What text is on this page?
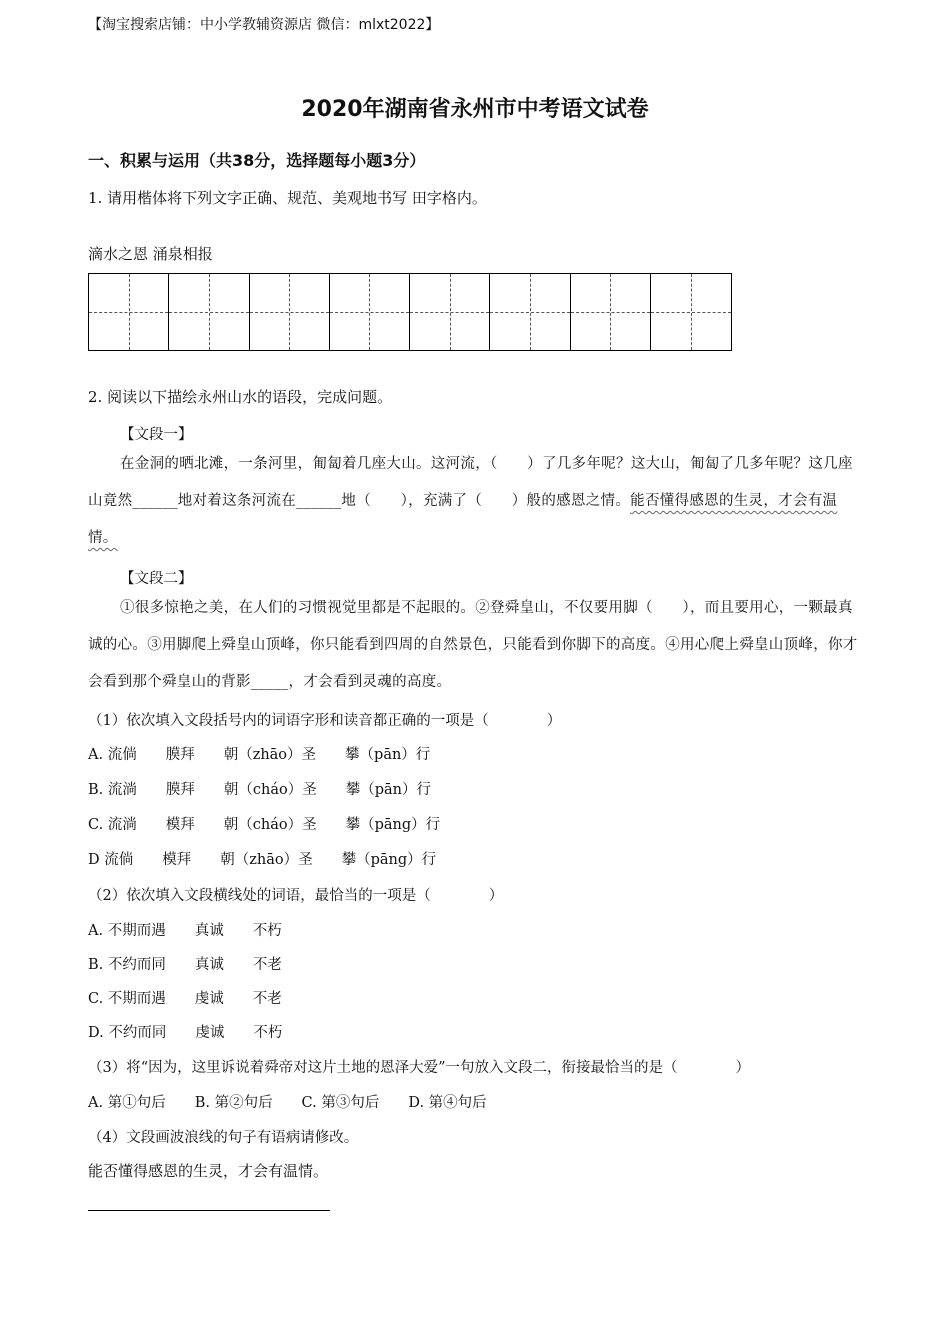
【淘宝搜索店铺：中小学教辅资源店 微信：mlxt2022】
2020年湖南省永州市中考语文试卷
一、积累与运用（共38分，选择题每小题3分）
1. 请用楷体将下列文字正确、规范、美观地书写 田字格内。
滴水之恩 涌泉相报
2. 阅读以下描绘永州山水的语段，完成问题。
【文段一】
在金洞的晒北滩，一条河里，匍匐着几座大山。这河流，（　　）了几多年呢？这大山，匍匐了几多年呢？这几座山竟然______地对着这条河流在______地（　　），充满了（　　）般的感恩之情。能否懂得感恩的生灵，才会有温情。
【文段二】
①很多惊艳之美，在人们的习惯视觉里都是不起眼的。②登舜皇山，不仅要用脚（　　），而且要用心，一颗最真诚的心。③用脚爬上舜皇山顶峰，你只能看到四周的自然景色，只能看到你脚下的高度。④用心爬上舜皇山顶峰，你才会看到那个舜皇山的背影_____，才会看到灵魂的高度。
（1）依次填入文段括号内的词语字形和读音都正确的一项是（　　　　）
A. 流倘　　膜拜　　朝（zhāo）圣　　攀（pān）行
B. 流淌　　膜拜　　朝（cháo）圣　　攀（pān）行
C. 流淌　　模拜　　朝（cháo）圣　　攀（pāng）行
D 流倘　　模拜　　朝（zhāo）圣　　攀（pāng）行
（2）依次填入文段横线处的词语，最恰当的一项是（　　　　）
A. 不期而遇　　真诚　　不朽
B. 不约而同　　真诚　　不老
C. 不期而遇　　虔诚　　不老
D. 不约而同　　虔诚　　不朽
（3）将“因为，这里诉说着舜帝对这片土地的恩泽大爱”一句放入文段二，衔接最恰当的是（　　　　）
A. 第①句后　　B. 第②句后　　C. 第③句后　　D. 第④句后
（4）文段画波浪线的句子有语病请修改。
能否懂得感恩的生灵，才会有温情。
